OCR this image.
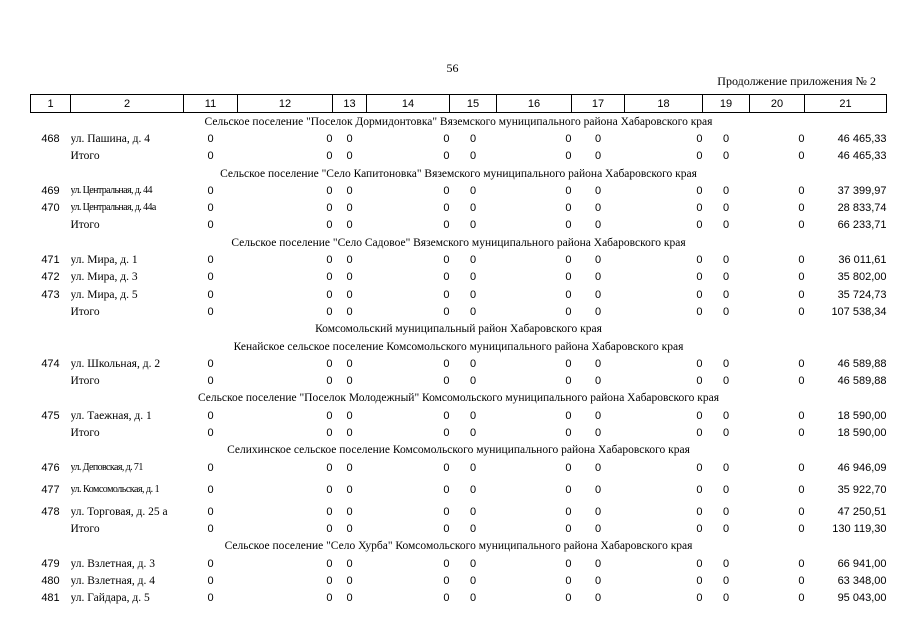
56
Продолжение приложения № 2
1	2	11	12	13	14	15	16	17	18	19	20	21
Сельское поселение "Поселок Дормидонтовка" Вяземского муниципального района Хабаровского края												
468	ул. Пашина, д. 4	0	0	0	0	0	0	0	0	0	0	46 465,33
	Итого	0	0	0	0	0	0	0	0	0	0	46 465,33
Сельское поселение "Село Капитоновка" Вяземского муниципального района Хабаровского края												
469	ул. Центральная, д. 44	0	0	0	0	0	0	0	0	0	0	37 399,97
470	ул. Центральная, д. 44а	0	0	0	0	0	0	0	0	0	0	28 833,74
	Итого	0	0	0	0	0	0	0	0	0	0	66 233,71
Сельское поселение "Село Садовое" Вяземского муниципального района Хабаровского края												
471	ул. Мира, д. 1	0	0	0	0	0	0	0	0	0	0	36 011,61
472	ул. Мира, д. 3	0	0	0	0	0	0	0	0	0	0	35 802,00
473	ул. Мира, д. 5	0	0	0	0	0	0	0	0	0	0	35 724,73
	Итого	0	0	0	0	0	0	0	0	0	0	107 538,34
Комсомольский муниципальный район Хабаровского края												
Кенайское сельское поселение Комсомольского муниципального района Хабаровского края												
474	ул. Школьная, д. 2	0	0	0	0	0	0	0	0	0	0	46 589,88
	Итого	0	0	0	0	0	0	0	0	0	0	46 589,88
Сельское поселение "Поселок Молодежный" Комсомольского муниципального района Хабаровского края												
475	ул. Таежная, д. 1	0	0	0	0	0	0	0	0	0	0	18 590,00
	Итого	0	0	0	0	0	0	0	0	0	0	18 590,00
Селихинское сельское поселение Комсомольского муниципального района Хабаровского края												
476	ул. Деповская, д. 71	0	0	0	0	0	0	0	0	0	0	46 946,09
477	ул. Комсомольская, д. 1	0	0	0	0	0	0	0	0	0	0	35 922,70
478	ул. Торговая, д. 25 а	0	0	0	0	0	0	0	0	0	0	47 250,51
	Итого	0	0	0	0	0	0	0	0	0	0	130 119,30
Сельское поселение "Село Хурба" Комсомольского муниципального района Хабаровского края												
479	ул. Взлетная, д. 3	0	0	0	0	0	0	0	0	0	0	66 941,00
480	ул. Взлетная, д. 4	0	0	0	0	0	0	0	0	0	0	63 348,00
481	ул. Гайдара, д. 5	0	0	0	0	0	0	0	0	0	0	95 043,00
